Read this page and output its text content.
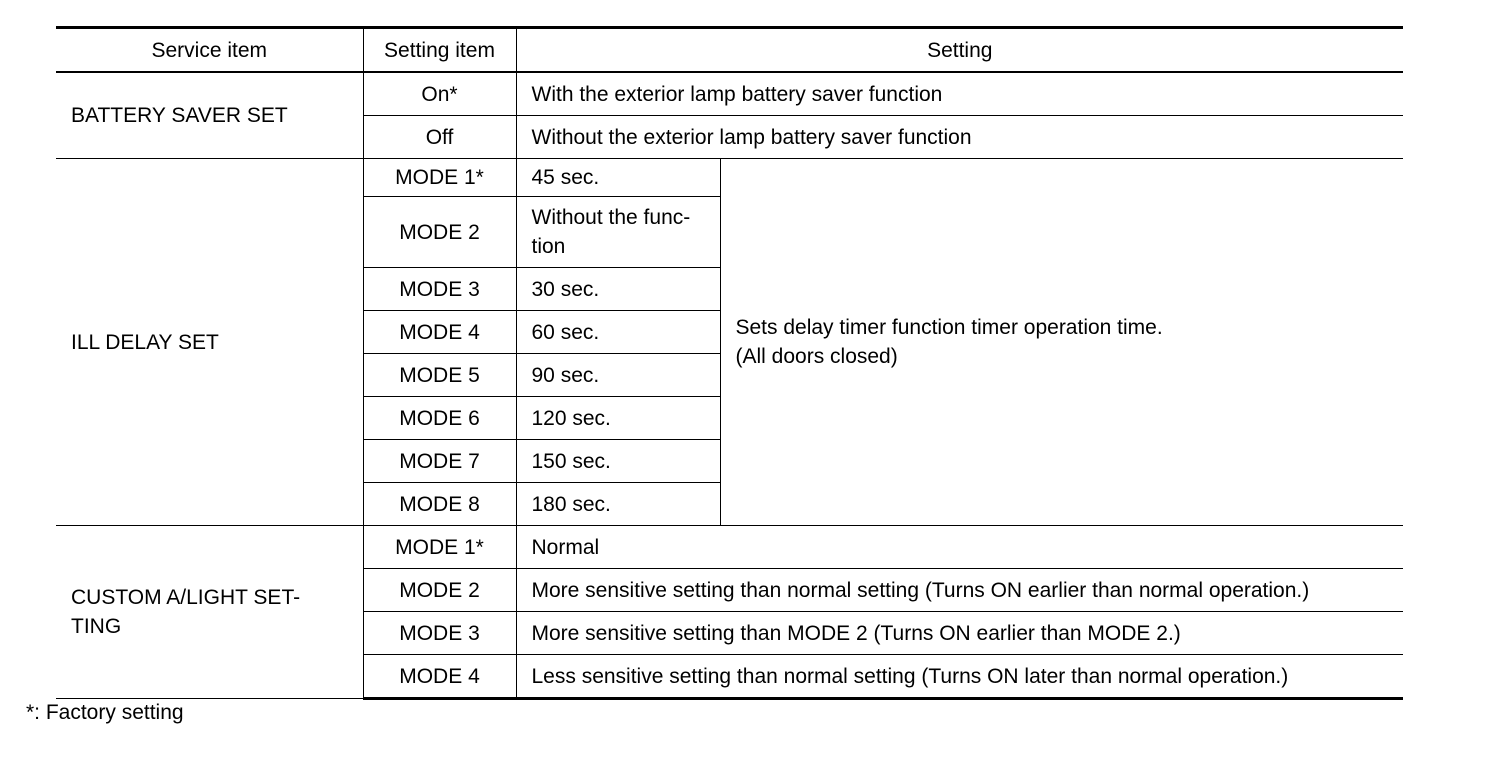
Service item	Setting item	Setting	
BATTERY SAVER SET	On*	With the exterior lamp battery saver function	
	Off	Without the exterior lamp battery saver function	
ILL DELAY SET	MODE 1*	45 sec.	Sets delay timer function timer operation time.
(All doors closed)
	MODE 2	Without the func-
tion	
	MODE 3	30 sec.	
	MODE 4	60 sec.	
	MODE 5	90 sec.	
	MODE 6	120 sec.	
	MODE 7	150 sec.	
	MODE 8	180 sec.	
CUSTOM A/LIGHT SET-
TING	MODE 1*	Normal	
	MODE 2	More sensitive setting than normal setting (Turns ON earlier than normal operation.)	
	MODE 3	More sensitive setting than MODE 2 (Turns ON earlier than MODE 2.)	
	MODE 4	Less sensitive setting than normal setting (Turns ON later than normal operation.)	
*: Factory setting
